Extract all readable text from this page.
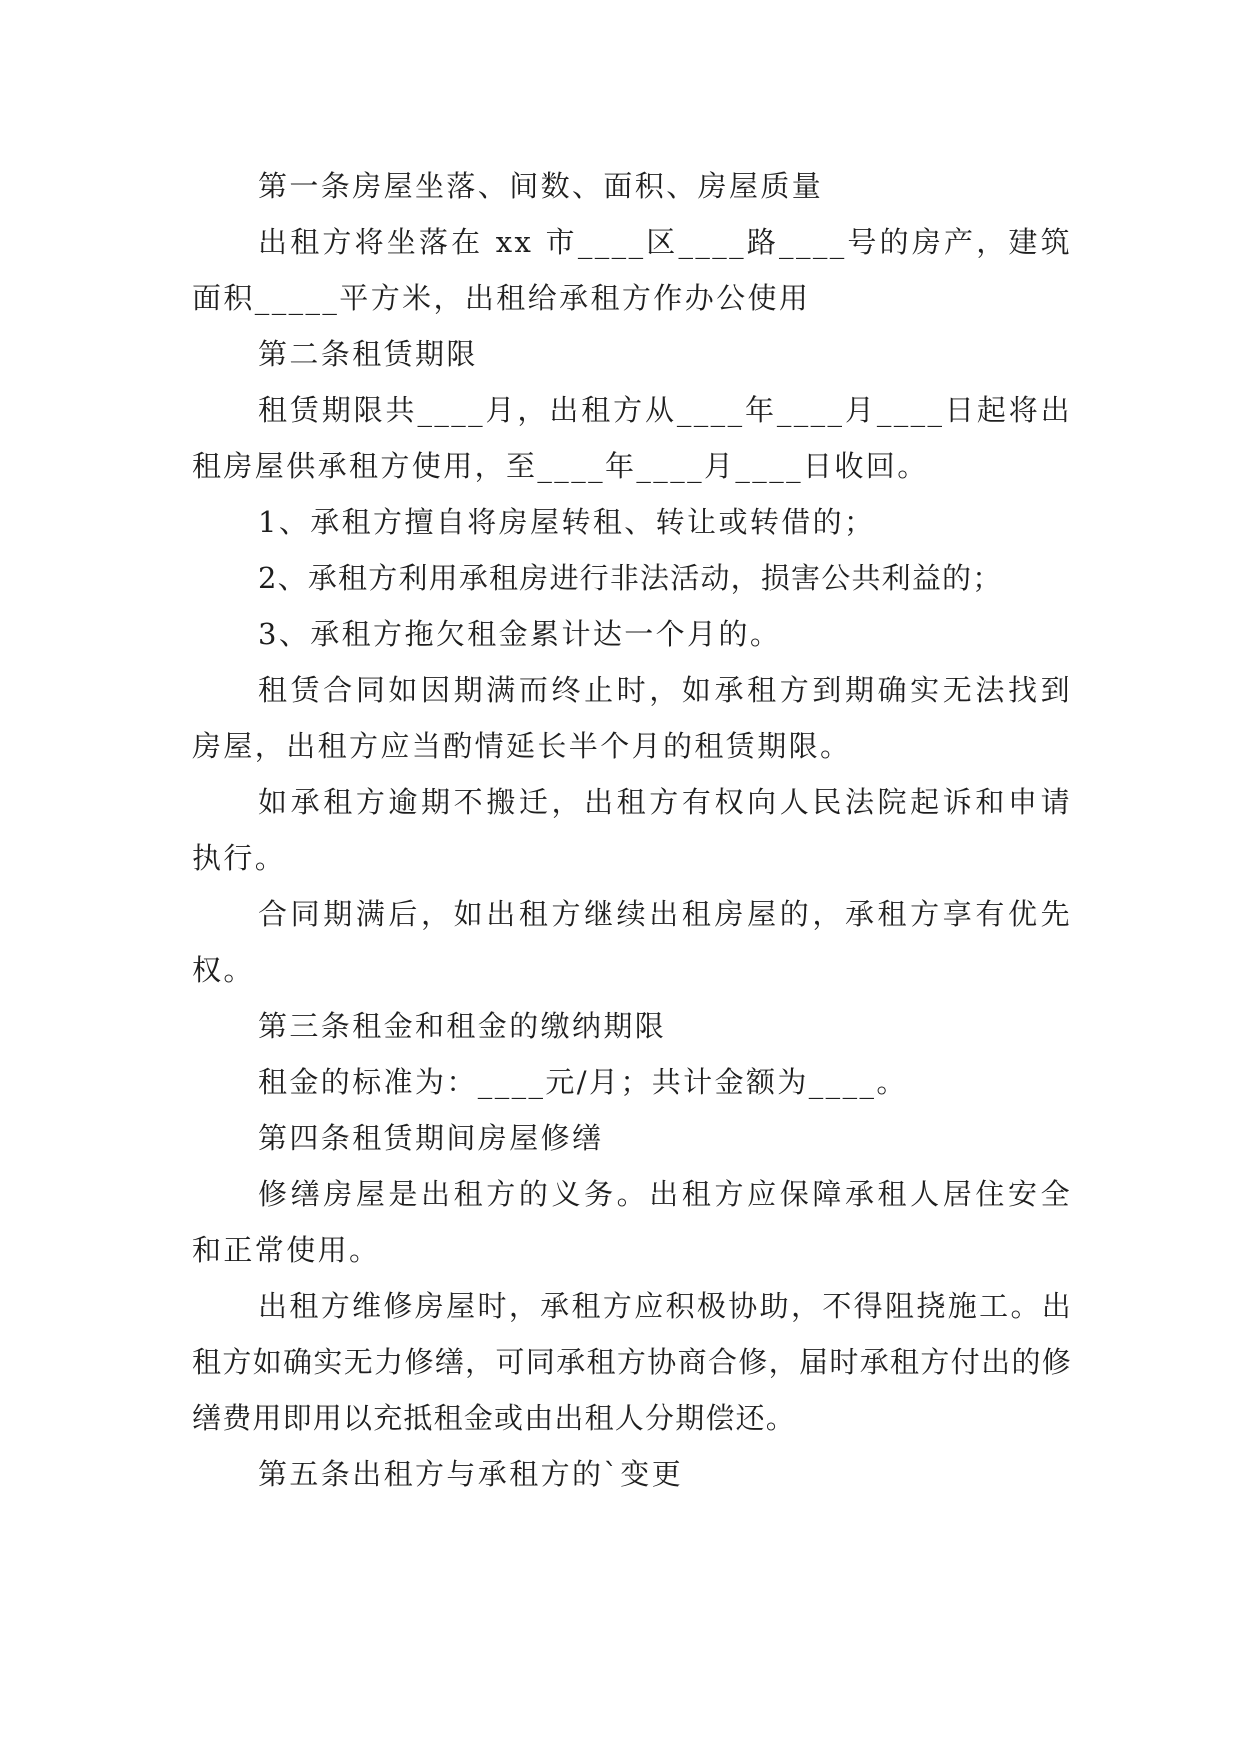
第一条房屋坐落、间数、面积、房屋质量

出租方将坐落在 xx 市____区____路____号的房产，建筑面积_____平方米，出租给承租方作办公使用

第二条租赁期限

租赁期限共____月，出租方从____年____月____日起将出租房屋供承租方使用，至____年____月____日收回。

1、承租方擅自将房屋转租、转让或转借的；

2、承租方利用承租房进行非法活动，损害公共利益的；

3、承租方拖欠租金累计达一个月的。

租赁合同如因期满而终止时，如承租方到期确实无法找到房屋，出租方应当酌情延长半个月的租赁期限。

如承租方逾期不搬迁，出租方有权向人民法院起诉和申请执行。

合同期满后，如出租方继续出租房屋的，承租方享有优先权。

第三条租金和租金的缴纳期限

租金的标准为：____元/月；共计金额为____。

第四条租赁期间房屋修缮

修缮房屋是出租方的义务。出租方应保障承租人居住安全和正常使用。

出租方维修房屋时，承租方应积极协助，不得阻挠施工。出租方如确实无力修缮，可同承租方协商合修，届时承租方付出的修缮费用即用以充抵租金或由出租人分期偿还。

第五条出租方与承租方的`变更
